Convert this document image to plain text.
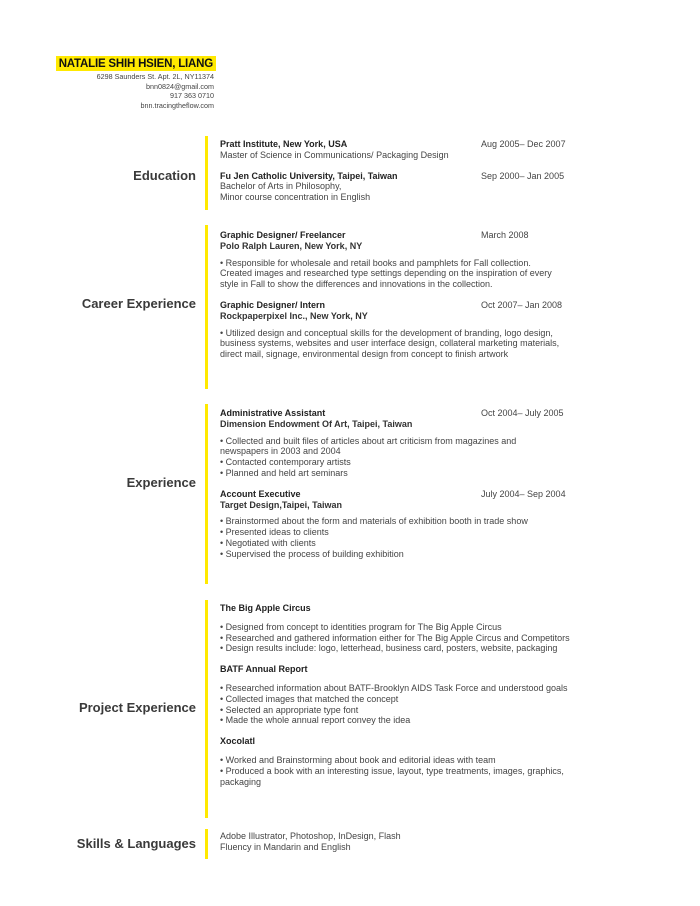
NATALIE SHIH HSIEN, LIANG
6298 Saunders St. Apt. 2L, NY11374
bnn0824@gmail.com
917 363 0710
bnn.tracingtheflow.com
Education
Pratt Institute, New York, USA	Aug 2005– Dec 2007
Master of Science in Communications/ Packaging Design
Fu Jen Catholic University, Taipei, Taiwan	Sep 2000– Jan 2005
Bachelor of Arts in Philosophy,
Minor course concentration in English
Career Experience
Graphic Designer/ Freelancer	March 2008
Polo Ralph Lauren, New York, NY
• Responsible for wholesale and retail books and pamphlets for Fall collection.
Created images and researched type settings depending on the inspiration of every
style in Fall to show the differences and innovations in the collection.
Graphic Designer/ Intern	Oct 2007– Jan 2008
Rockpaperpixel Inc., New York, NY
• Utilized design and conceptual skills for the development of branding, logo design,
business systems, websites and user interface design, collateral marketing materials,
direct mail, signage, environmental design from concept to finish artwork
Experience
Administrative Assistant	Oct 2004– July 2005
Dimension Endowment Of Art, Taipei, Taiwan
• Collected and built files of articles about art criticism from magazines and
newspapers in 2003 and 2004
• Contacted contemporary artists
• Planned and held art seminars
Account Executive	July 2004– Sep 2004
Target Design,Taipei, Taiwan
• Brainstormed about the form and materials of exhibition booth in trade show
• Presented ideas to clients
• Negotiated with clients
• Supervised the process of building exhibition
Project Experience
The Big Apple Circus
• Designed from concept to identities program for The Big Apple Circus
• Researched and gathered information either for The Big Apple Circus and Competitors
• Design results include: logo, letterhead, business card, posters, website, packaging
BATF Annual Report
• Researched information about BATF-Brooklyn AIDS Task Force and understood goals
• Collected images that matched the concept
• Selected an appropriate type font
• Made the whole annual report convey the idea
Xocolatl
• Worked and Brainstorming about book and editorial ideas with team
• Produced a book with an interesting issue, layout, type treatments, images, graphics,
packaging
Skills & Languages	Adobe Illustrator, Photoshop, InDesign, Flash
Fluency in Mandarin and English
